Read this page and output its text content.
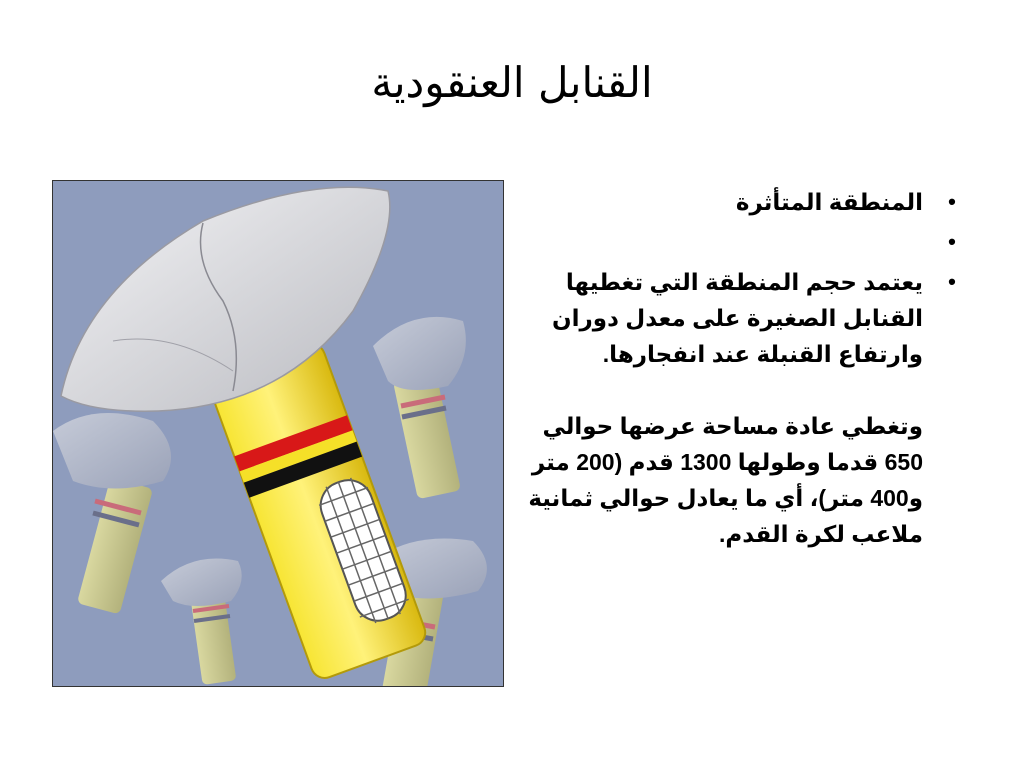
القنابل العنقودية
•
المنطقة المتأثرة
•
•
يعتمد حجم المنطقة التي تغطيها القنابل الصغيرة على معدل دوران وارتفاع القنبلة عند انفجارها.
وتغطي عادة مساحة عرضها حوالي 650 قدما وطولها 1300 قدم (200 متر و400 متر)، أي ما يعادل حوالي ثمانية ملاعب لكرة القدم.
